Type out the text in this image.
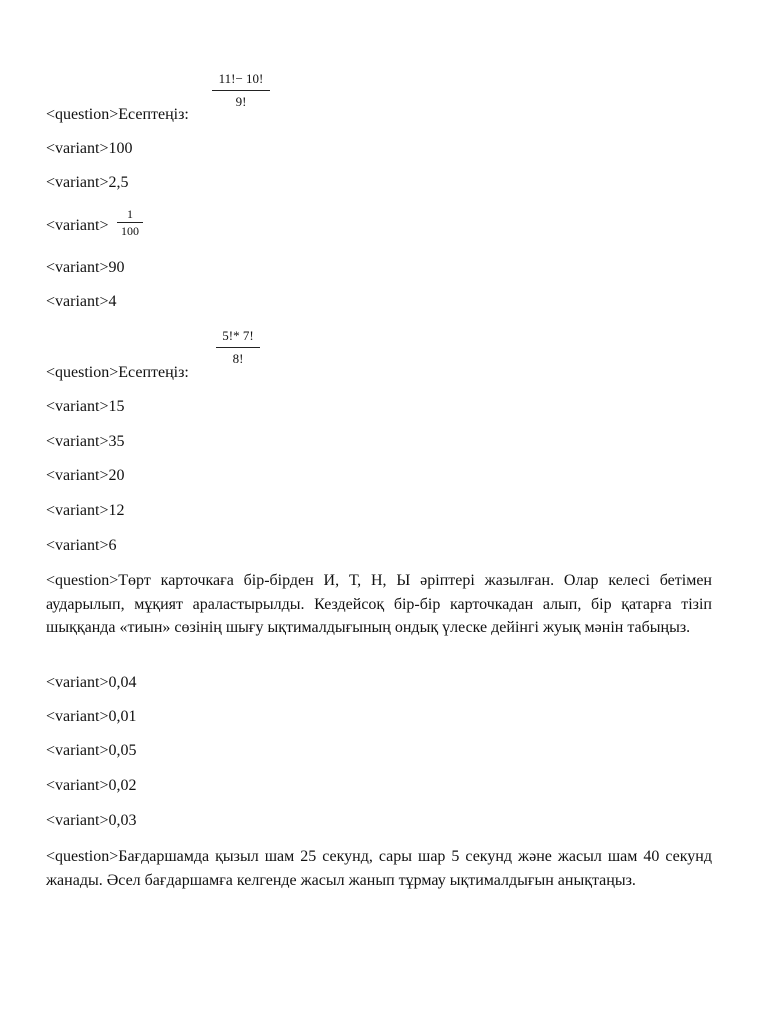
11!− 10!
9!
<question>Есептеңіз:
<variant>100
<variant>2,5
<variant>
1
100
<variant>90
<variant>4
5!* 7!
8!
<question>Есептеңіз:
<variant>15
<variant>35
<variant>20
<variant>12
<variant>6
<question>Төрт карточкаға бір-бірден И, Т, Н, Ы әріптері жазылған. Олар келесі бетімен аударылып, мұқият араластырылды. Кездейсоқ бір-бір карточкадан алып, бір қатарға тізіп шыққанда «тиын» сөзінің шығу ықтималдығының ондық үлеске дейінгі жуық мәнін табыңыз.
<variant>0,04
<variant>0,01
<variant>0,05
<variant>0,02
<variant>0,03
<question>Бағдаршамда қызыл шам 25 секунд, сары шар 5 секунд және жасыл шам 40 секунд жанады. Әсел бағдаршамға келгенде жасыл жанып тұрмау ықтималдығын анықтаңыз.
